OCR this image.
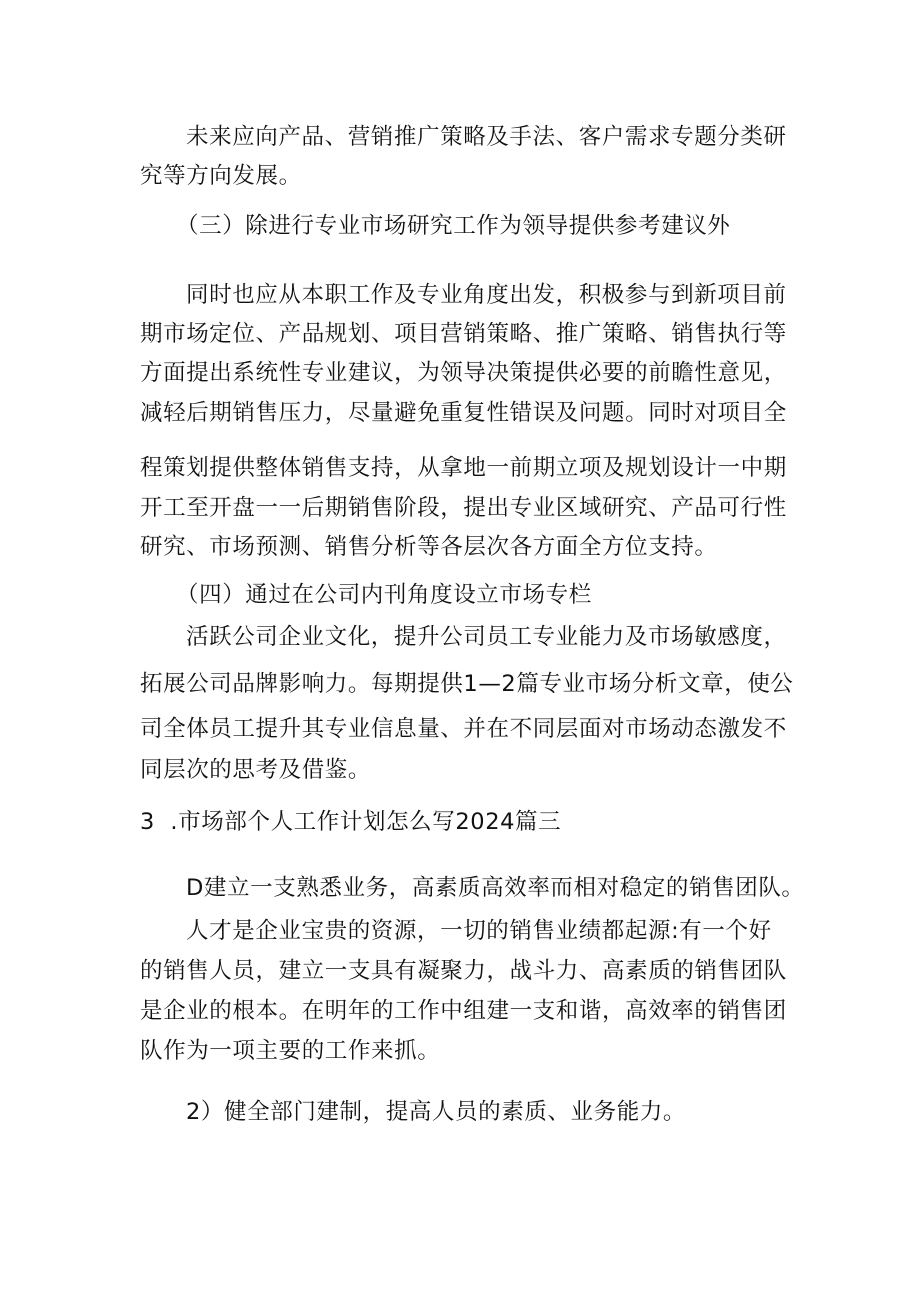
未来应向产品、营销推广策略及手法、客户需求专题分类研
究等方向发展。
（三）除进行专业市场研究工作为领导提供参考建议外
同时也应从本职工作及专业角度出发，积极参与到新项目前
期市场定位、产品规划、项目营销策略、推广策略、销售执行等
方面提出系统性专业建议，为领导决策提供必要的前瞻性意见，
减轻后期销售压力，尽量避免重复性错误及问题。同时对项目全
程策划提供整体销售支持，从拿地一前期立项及规划设计一中期
开工至开盘一一后期销售阶段，提出专业区域研究、产品可行性
研究、市场预测、销售分析等各层次各方面全方位支持。
（四）通过在公司内刊角度设立市场专栏
活跃公司企业文化，提升公司员工专业能力及市场敏感度，
拓展公司品牌影响力。每期提供1—2篇专业市场分析文章，使公
司全体员工提升其专业信息量、并在不同层面对市场动态激发不
同层次的思考及借鉴。
3  .市场部个人工作计划怎么写2024篇三
D建立一支熟悉业务，高素质高效率而相对稳定的销售团队。
人才是企业宝贵的资源，一切的销售业绩都起源:有一个好
的销售人员，建立一支具有凝聚力，战斗力、高素质的销售团队
是企业的根本。在明年的工作中组建一支和谐，高效率的销售团
队作为一项主要的工作来抓。
2）健全部门建制，提高人员的素质、业务能力。
